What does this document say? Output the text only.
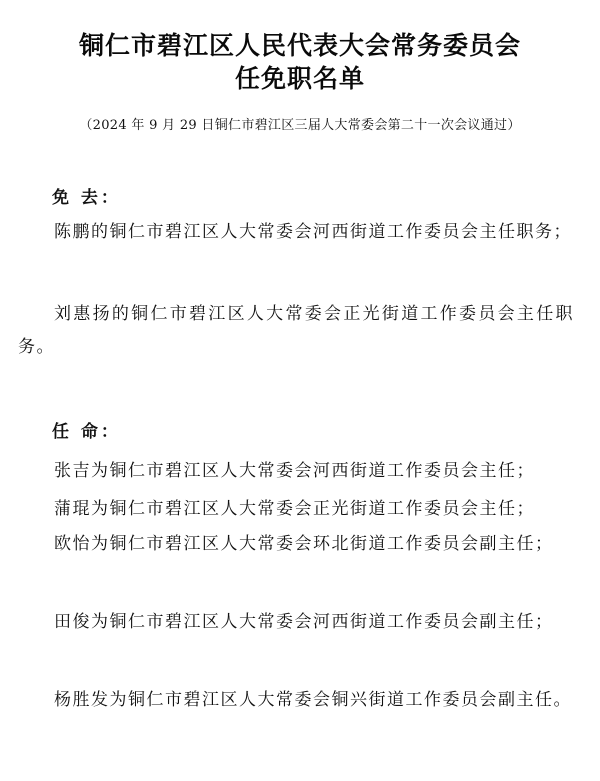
铜仁市碧江区人民代表大会常务委员会
任免职名单
（2024 年 9 月 29 日铜仁市碧江区三届人大常委会第二十一次会议通过）
免 去：

陈鹏的铜仁市碧江区人大常委会河西街道工作委员会主任职务；

刘惠扬的铜仁市碧江区人大常委会正光街道工作委员会主任职务。

任 命：

张吉为铜仁市碧江区人大常委会河西街道工作委员会主任；

蒲琨为铜仁市碧江区人大常委会正光街道工作委员会主任；

欧怡为铜仁市碧江区人大常委会环北街道工作委员会副主任；

田俊为铜仁市碧江区人大常委会河西街道工作委员会副主任；

杨胜发为铜仁市碧江区人大常委会铜兴街道工作委员会副主任。
